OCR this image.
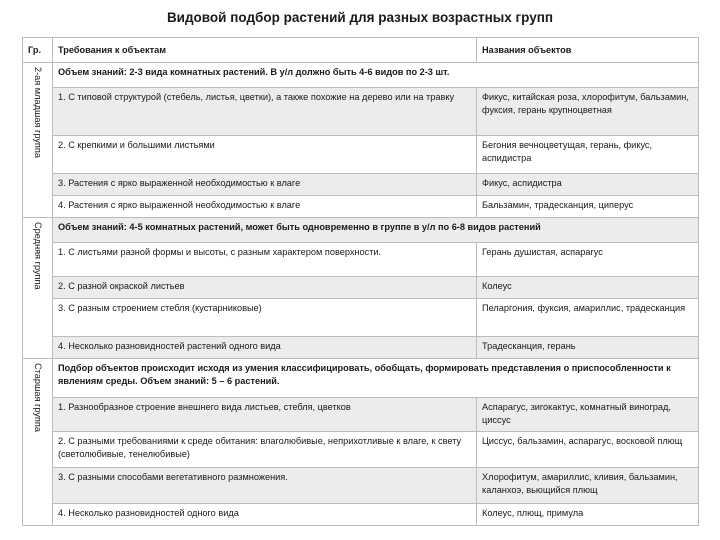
Видовой подбор растений для разных возрастных групп
Гр.	Требования к объектам	Названия объектов

2-ая младшая группа	Объем знаний: 2-3 вида комнатных растений. В у/л должно быть 4-6 видов по 2-3 шт.	
	1. С типовой структурой (стебель, листья, цветки), а также похожие на дерево или на травку	Фикус, китайская роза, хлорофитум, бальзамин, фуксия, герань крупноцветная
	2. С крепкими и большими листьями	Бегония вечноцветущая, герань, фикус, аспидистра
	3. Растения с ярко выраженной необходимостью к влаге	Фикус, аспидистра
	4. Растения с ярко выраженной необходимостью к влаге	Бальзамин, традесканция, циперус

Средняя группа	Объем знаний: 4-5 комнатных растений, может быть одновременно в группе в у/л по 6-8 видов растений	
	1. С листьями разной формы и высоты, с разным характером поверхности.	Герань душистая, аспарагус
	2. С разной окраской листьев	Колеус
	3. С разным строением стебля (кустарниковые)	Пеларгония, фуксия, амариллис, традесканция
	4. Несколько разновидностей растений одного вида	Традесканция, герань

Старшая группа	Подбор объектов происходит исходя из умения классифицировать, обобщать, формировать представления о приспособленности к явлениям среды. Объем знаний: 5 – 6 растений.	
	1. Разнообразное строение внешнего вида листьев, стебля, цветков	Аспарагус, зигокактус, комнатный виноград, циссус
	2. С разными требованиями к среде обитания: влаголюбивые, неприхотливые к влаге, к свету (светолюбивые, тенелюбивые)	Циссус, бальзамин, аспарагус, восковой плющ
	3. С разными способами вегетативного размножения.	Хлорофитум, амариллис, кливия, бальзамин, каланхоэ, вьющийся плющ
	4. Несколько разновидностей одного вида	Колеус, плющ, примула
